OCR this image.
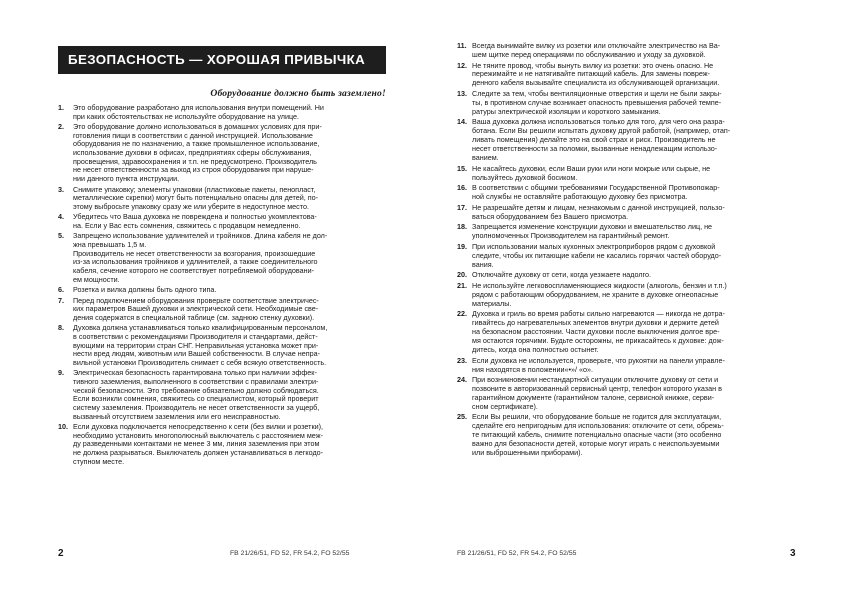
БЕЗОПАСНОСТЬ — ХОРОШАЯ ПРИВЫЧКА
Оборудование должно быть заземлено!
1.	Это оборудование разработано для использования внутри помещений. Ни
при каких обстоятельствах не используйте оборудование на улице.
2.	Это оборудование должно использоваться в домашних условиях для при-
готовления пищи в соответствии с данной инструкцией. Использование
оборудования не по назначению, а также промышленное использование,
использование духовки в офисах, предприятиях сферы обслуживания,
просвещения, здравоохранения и т.п. не предусмотрено. Производитель
не несет ответственности за выход из строя оборудования при наруше-
нии данного пункта инструкции.
3.	Снимите упаковку; элементы упаковки (пластиковые пакеты, пенопласт,
металлические скрепки) могут быть потенциально опасны для детей, по-
этому выбросьте упаковку сразу же или уберите в недоступное место.
4.	Убедитесь что Ваша духовка не повреждена и полностью укомплектова-
на. Если у Вас есть сомнения, свяжитесь с продавцом немедленно.
5.	Запрещено использование удлинителей и тройников. Длина кабеля не дол-
жна превышать 1,5 м.
Производитель не несет ответственности за возгорания, произошедшие
из-за использования тройников и удлинителей, а также соединительного
кабеля, сечение которого не соответствует потребляемой оборудовани-
ем мощности.
6.	Розетка и вилка должны быть одного типа.
7.	Перед подключением оборудования проверьте соответствие электричес-
ких параметров Вашей духовки и электрической сети. Необходимые све-
дения содержатся в специальной таблице (см. заднюю стенку духовки).
8.	Духовка должна устанавливаться только квалифицированным персоналом,
в соответствии с рекомендациями Производителя и стандартами, дейст-
вующими на территории стран СНГ. Неправильная установка может при-
нести вред людям, животным или Вашей собственности. В случае непра-
вильной установки Производитель снимает с себя всякую ответственность.
9.	Электрическая безопасность гарантирована только при наличии эффек-
тивного заземления, выполненного в соответствии с правилами электри-
ческой безопасности. Это требование обязательно должно соблюдаться.
Если возникли сомнения, свяжитесь со специалистом, который проверит
систему заземления. Производитель не несет ответственности за ущерб,
вызванный отсутствием заземления или его неисправностью.
10. Если духовка подключается непосредственно к сети (без вилки и розетки),
необходимо установить многополюсный выключатель с расстоянием меж-
ду разведенными контактами не менее 3 мм, линия заземления при этом
не должна разрываться. Выключатель должен устанавливаться в легкодо-
ступном месте.
2	FB 21/26/51, FD 52, FR 54.2, FO 52/55
11. Всегда вынимайте вилку из розетки или отключайте электричество на Ва-
шем щитке перед операциями по обслуживанию и уходу за духовкой.
12. Не тяните провод, чтобы вынуть вилку из розетки: это очень опасно. Не
пережимайте и не натягивайте питающий кабель. Для замены повреж-
денного кабеля вызывайте специалиста из обслуживающей организации.
13. Следите за тем, чтобы вентиляционные отверстия и щели не были закры-
ты, в противном случае возникает опасность превышения рабочей темпе-
ратуры электрической изоляции и короткого замыкания.
14. Ваша духовка должна использоваться только для того, для чего она разра-
ботана. Если Вы решили испытать духовку другой работой, (например, отап-
ливать помещения) делайте это на свой страх и риск. Производитель не
несет ответственности за поломки, вызванные ненадлежащим использо-
ванием.
15. Не касайтесь духовки, если Ваши руки или ноги мокрые или сырые, не
пользуйтесь духовкой босиком.
16. В соответствии с общими требованиями Государственной Противопожар-
ной службы не оставляйте работающую духовку без присмотра.
17. Не разрешайте детям и лицам, незнакомым с данной инструкцией, пользо-
ваться оборудованием без Вашего присмотра.
18. Запрещается изменение конструкции духовки и вмешательство лиц, не
уполномоченных Производителем на гарантийный ремонт.
19. При использовании малых кухонных электроприборов рядом с духовкой
следите, чтобы их питающие кабели не касались горячих частей оборудо-
вания.
20. Отключайте духовку от сети, когда уезжаете надолго.
21. Не используйте легковоспламеняющиеся жидкости (алкоголь, бензин и т.п.)
рядом с работающим оборудованием, не храните в духовке огнеопасные
материалы.
22. Духовка и гриль во время работы сильно нагреваются — никогда не дотра-
гивайтесь до нагревательных элементов внутри духовки и держите детей
на безопасном расстоянии. Части духовки после выключения долгое вре-
мя остаются горячими. Будьте осторожны, не прикасайтесь к духовке: дож-
дитесь, когда она полностью остынет.
23. Если духовка не используется, проверьте, что рукоятки на панели управле-
ния находятся в положении«•»/ «о».
24. При возникновении нестандартной ситуации отключите духовку от сети и
позвоните в авторизованный сервисный центр, телефон которого указан в
гарантийном документе (гарантийном талоне, сервисной книжке, серви-
сном сертификате).
25. Если Вы решили, что оборудование больше не годится для эксплуатации,
сделайте его непригодным для использования: отключите от сети, обрежь-
те питающий кабель, снимите потенциально опасные части (это особенно
важно для безопасности детей, которые могут играть с неиспользуемыми
или выброшенными приборами).
FB 21/26/51, FD 52, FR 54.2, FO 52/55	3
